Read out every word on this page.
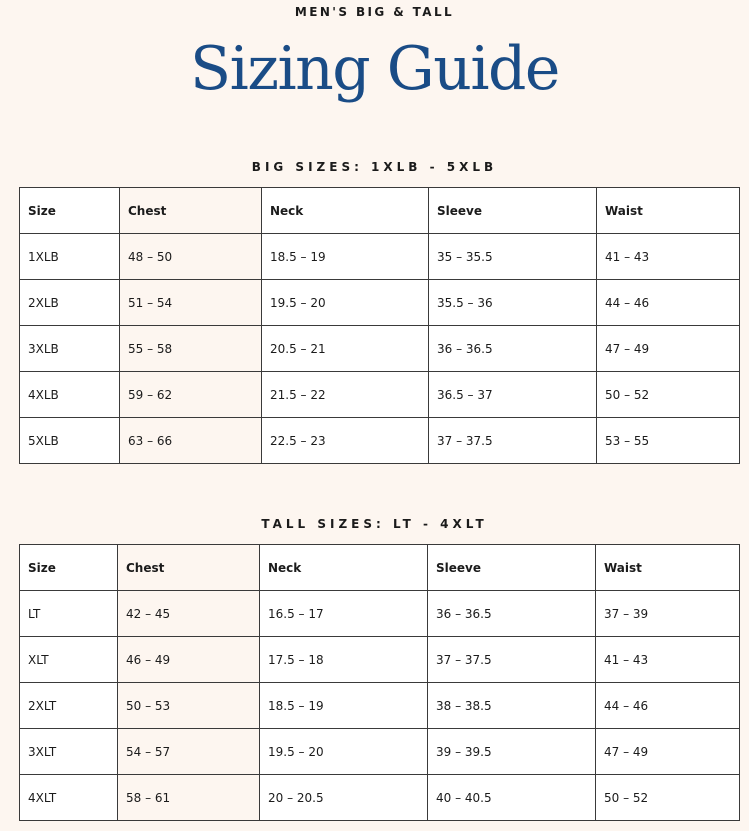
MEN'S BIG & TALL
Sizing Guide
BIG SIZES: 1XLB - 5XLB
Size	Chest	Neck	Sleeve	Waist
1XLB	48 – 50	18.5 – 19	35 – 35.5	41 – 43
2XLB	51 – 54	19.5 – 20	35.5 – 36	44 – 46
3XLB	55 – 58	20.5 – 21	36 – 36.5	47 – 49
4XLB	59 – 62	21.5 – 22	36.5 – 37	50 – 52
5XLB	63 – 66	22.5 – 23	37 – 37.5	53 – 55
TALL SIZES: LT - 4XLT
Size	Chest	Neck	Sleeve	Waist
LT	42 – 45	16.5 – 17	36 – 36.5	37 – 39
XLT	46 – 49	17.5 – 18	37 – 37.5	41 – 43
2XLT	50 – 53	18.5 – 19	38 – 38.5	44 – 46
3XLT	54 – 57	19.5 – 20	39 – 39.5	47 – 49
4XLT	58 – 61	20 – 20.5	40 – 40.5	50 – 52
